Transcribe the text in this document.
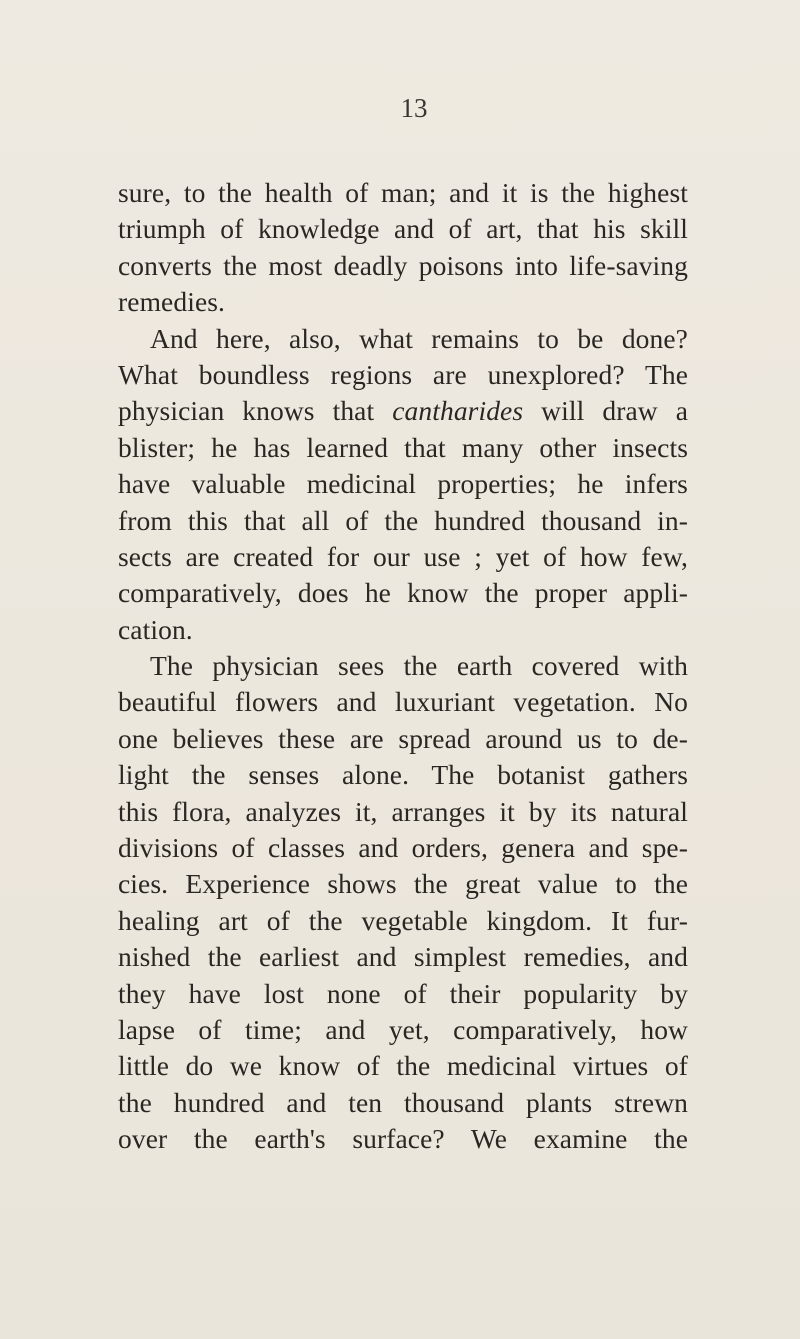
13
sure, to the health of man; and it is the highest
triumph of knowledge and of art, that his skill
converts the most deadly poisons into life-saving
remedies.
And here, also, what remains to be done?
What boundless regions are unexplored? The
physician knows that cantharides will draw a
blister; he has learned that many other insects
have valuable medicinal properties; he infers
from this that all of the hundred thousand in-
sects are created for our use ; yet of how few,
comparatively, does he know the proper appli-
cation.
The physician sees the earth covered with
beautiful flowers and luxuriant vegetation. No
one believes these are spread around us to de-
light the senses alone. The botanist gathers
this flora, analyzes it, arranges it by its natural
divisions of classes and orders, genera and spe-
cies. Experience shows the great value to the
healing art of the vegetable kingdom. It fur-
nished the earliest and simplest remedies, and
they have lost none of their popularity by
lapse of time; and yet, comparatively, how
little do we know of the medicinal virtues of
the hundred and ten thousand plants strewn
over the earth's surface? We examine the
